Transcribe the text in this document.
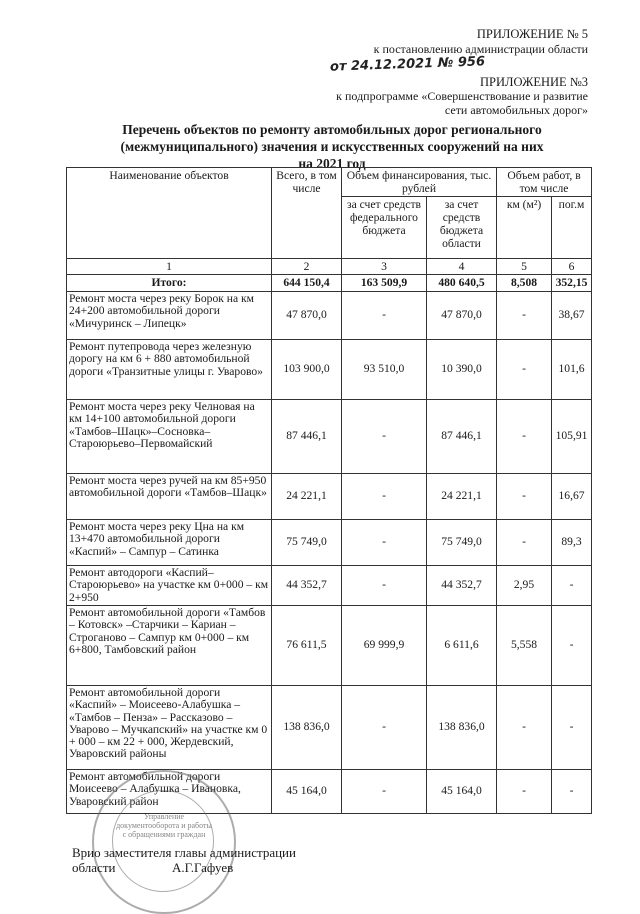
ПРИЛОЖЕНИЕ № 5
к постановлению администрации области
от 24.12.2021 № 956
ПРИЛОЖЕНИЕ №3
к подпрограмме «Совершенствование и развитие
сети автомобильных дорог»
Перечень объектов по ремонту автомобильных дорог регионального
(межмуниципального) значения и искусственных сооружений на них
на 2021 год
Наименование объектов	Всего, в том числе	Объем финансирования, тыс. рублей		Объем работ, в том числе	
		за счет средств федерального бюджета	за счет средств бюджета области	км (м²)	пог.м
1	2	3	4	5	6
Итого:	644 150,4	163 509,9	480 640,5	8,508	352,15
Ремонт моста через реку Борок на км 24+200 автомобильной дороги «Мичуринск – Липецк»	47 870,0	-	47 870,0	-	38,67
Ремонт путепровода через железную дорогу на км 6 + 880 автомобильной дороги «Транзитные улицы г. Уварово»	103 900,0	93 510,0	10 390,0	-	101,6
Ремонт моста через реку Челновая на км 14+100 автомобильной дороги «Тамбов–Шацк»–Сосновка–Староюрьево–Первомайский	87 446,1	-	87 446,1	-	105,91
Ремонт моста через ручей на км 85+950 автомобильной дороги «Тамбов–Шацк»	24 221,1	-	24 221,1	-	16,67
Ремонт моста через реку Цна на км 13+470 автомобильной дороги «Каспий» – Сампур – Сатинка	75 749,0	-	75 749,0	-	89,3
Ремонт автодороги «Каспий–Староюрьево» на участке км 0+000 – км 2+950	44 352,7	-	44 352,7	2,95	-
Ремонт автомобильной дороги «Тамбов – Котовск» –Старчики – Кариан – Строганово – Сампур км 0+000 – км 6+800, Тамбовский район	76 611,5	69 999,9	6 611,6	5,558	-
Ремонт автомобильной дороги «Каспий» – Моисеево-Алабушка – «Тамбов – Пенза» – Рассказово – Уварово – Мучкапский» на участке км 0 + 000 – км 22 + 000, Жердевский, Уваровский районы	138 836,0	-	138 836,0	-	-
Ремонт автомобильной дороги Моисеево – Алабушка – Ивановка, Уваровский район	45 164,0	-	45 164,0	-	-
Управление документооборота и работы с обращениями граждан
Врио заместителя главы администрации
области	А.Г.Гафуев
